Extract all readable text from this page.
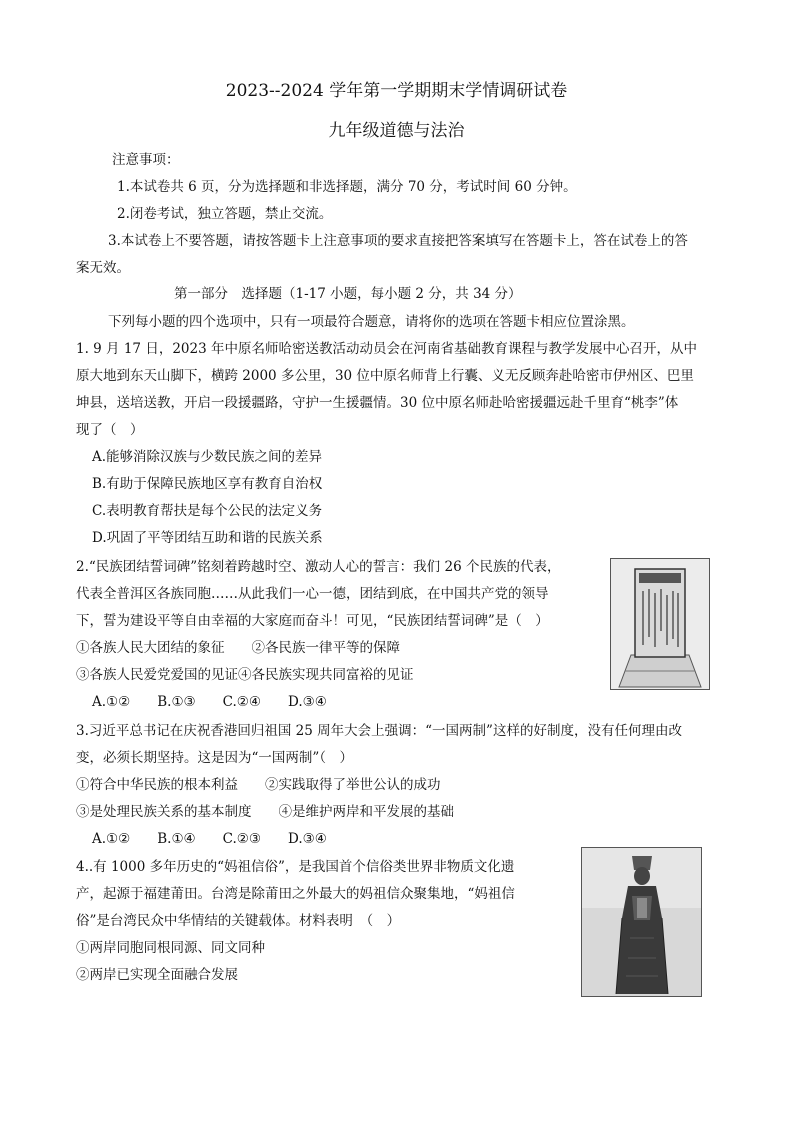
2023--2024 学年第一学期期末学情调研试卷
九年级道德与法治
注意事项：
1.本试卷共 6 页，分为选择题和非选择题，满分 70 分，考试时间 60 分钟。
2.闭卷考试，独立答题，禁止交流。
3.本试卷上不要答题，请按答题卡上注意事项的要求直接把答案填写在答题卡上，答在试卷上的答
案无效。
第一部分　选择题（1-17 小题，每小题 2 分，共 34 分）
下列每小题的四个选项中，只有一项最符合题意，请将你的选项在答题卡相应位置涂黑。
1. 9 月 17 日，2023 年中原名师哈密送教活动动员会在河南省基础教育课程与教学发展中心召开，从中
原大地到东天山脚下，横跨 2000 多公里，30 位中原名师背上行囊、义无反顾奔赴哈密市伊州区、巴里
坤县，送培送教，开启一段援疆路，守护一生援疆情。30 位中原名师赴哈密援疆远赴千里育“桃李”体
现了（　）
A.能够消除汉族与少数民族之间的差异
B.有助于保障民族地区享有教育自治权
C.表明教育帮扶是每个公民的法定义务
D.巩固了平等团结互助和谐的民族关系
2.“民族团结誓词碑”铭刻着跨越时空、激动人心的誓言：我们 26 个民族的代表，
代表全普洱区各族同胞……从此我们一心一德，团结到底，在中国共产党的领导
下，誓为建设平等自由幸福的大家庭而奋斗！可见，“民族团结誓词碑”是（　）
①各族人民大团结的象征　　②各民族一律平等的保障
③各族人民爱党爱国的见证④各民族实现共同富裕的见证
A.①②　　B.①③　　C.②④　　D.③④
3.习近平总书记在庆祝香港回归祖国 25 周年大会上强调：“一国两制”这样的好制度，没有任何理由改
变，必须长期坚持。这是因为“一国两制”（　）
①符合中华民族的根本利益　　②实践取得了举世公认的成功
③是处理民族关系的基本制度　　④是维护两岸和平发展的基础
A.①②　　B.①④　　C.②③　　D.③④
4..有 1000 多年历史的“妈祖信俗”，是我国首个信俗类世界非物质文化遗
产，起源于福建莆田。台湾是除莆田之外最大的妈祖信众聚集地，“妈祖信
俗”是台湾民众中华情结的关键载体。材料表明　（　）
①两岸同胞同根同源、同文同种
②两岸已实现全面融合发展
